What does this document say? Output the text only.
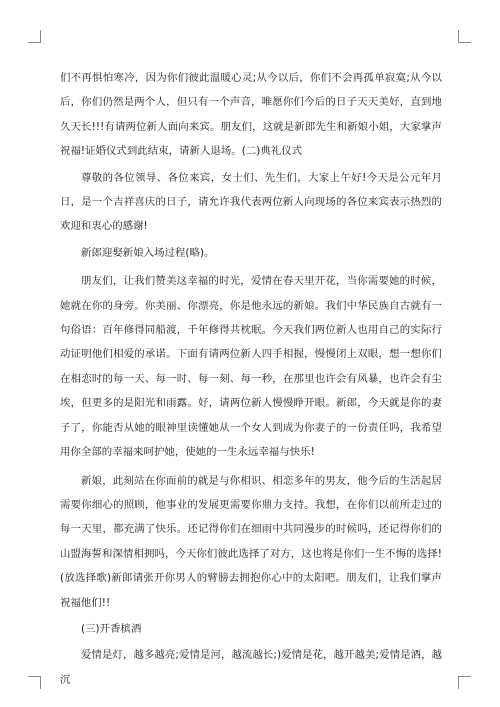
们不再惧怕寒冷，因为你们彼此温暖心灵;从今以后，你们不会再孤单寂寞;从今以后，你们仍然是两个人，但只有一个声音，唯愿你们今后的日子天天美好，直到地久天长!!!有请两位新人面向来宾。朋友们，这就是新郎先生和新娘小姐，大家掌声祝福!证婚仪式到此结束，请新人退场。(二)典礼仪式

尊敬的各位领导、各位来宾，女士们、先生们，大家上午好!今天是公元年月日，是一个吉祥喜庆的日子，请允许我代表两位新人向现场的各位来宾表示热烈的欢迎和衷心的感谢!

新郎迎娶新娘入场过程(略)。

朋友们，让我们赞美这幸福的时光，爱情在春天里开花，当你需要她的时候，她就在你的身旁。你美丽、你漂亮，你是他永远的新娘。我们中华民族自古就有一句俗语：百年修得同船渡，千年修得共枕眠。今天我们两位新人也用自己的实际行动证明他们相爱的承诺。下面有请两位新人四手相握，慢慢闭上双眼，想一想你们在相恋时的每一天、每一时、每一刻、每一秒，在那里也许会有风暴，也许会有尘埃，但更多的是阳光和雨露。好，请两位新人慢慢睁开眼。新郎，今天就是你的妻子了，你能否从她的眼神里读懂她从一个女人到成为你妻子的一份责任吗，我希望用你全部的幸福来呵护她，使她的一生永远幸福与快乐!

新娘，此刻站在你面前的就是与你相识、相恋多年的男友，他今后的生活起居需要你细心的照顾，他事业的发展更需要你鼎力支持。我想，在你们以前所走过的每一天里，都充满了快乐。还记得你们在细雨中共同漫步的时候吗，还记得你们的山盟海誓和深情相拥吗，今天你们彼此选择了对方，这也将是你们一生不悔的选择!(放选择歌)新郎请张开你男人的臂膀去拥抱你心中的太阳吧。朋友们，让我们掌声祝福他们!!

(三)开香槟酒

爱情是灯，越多越亮;爱情是河，越流越长;)爱情是花，越开越美;爱情是酒，越沉
